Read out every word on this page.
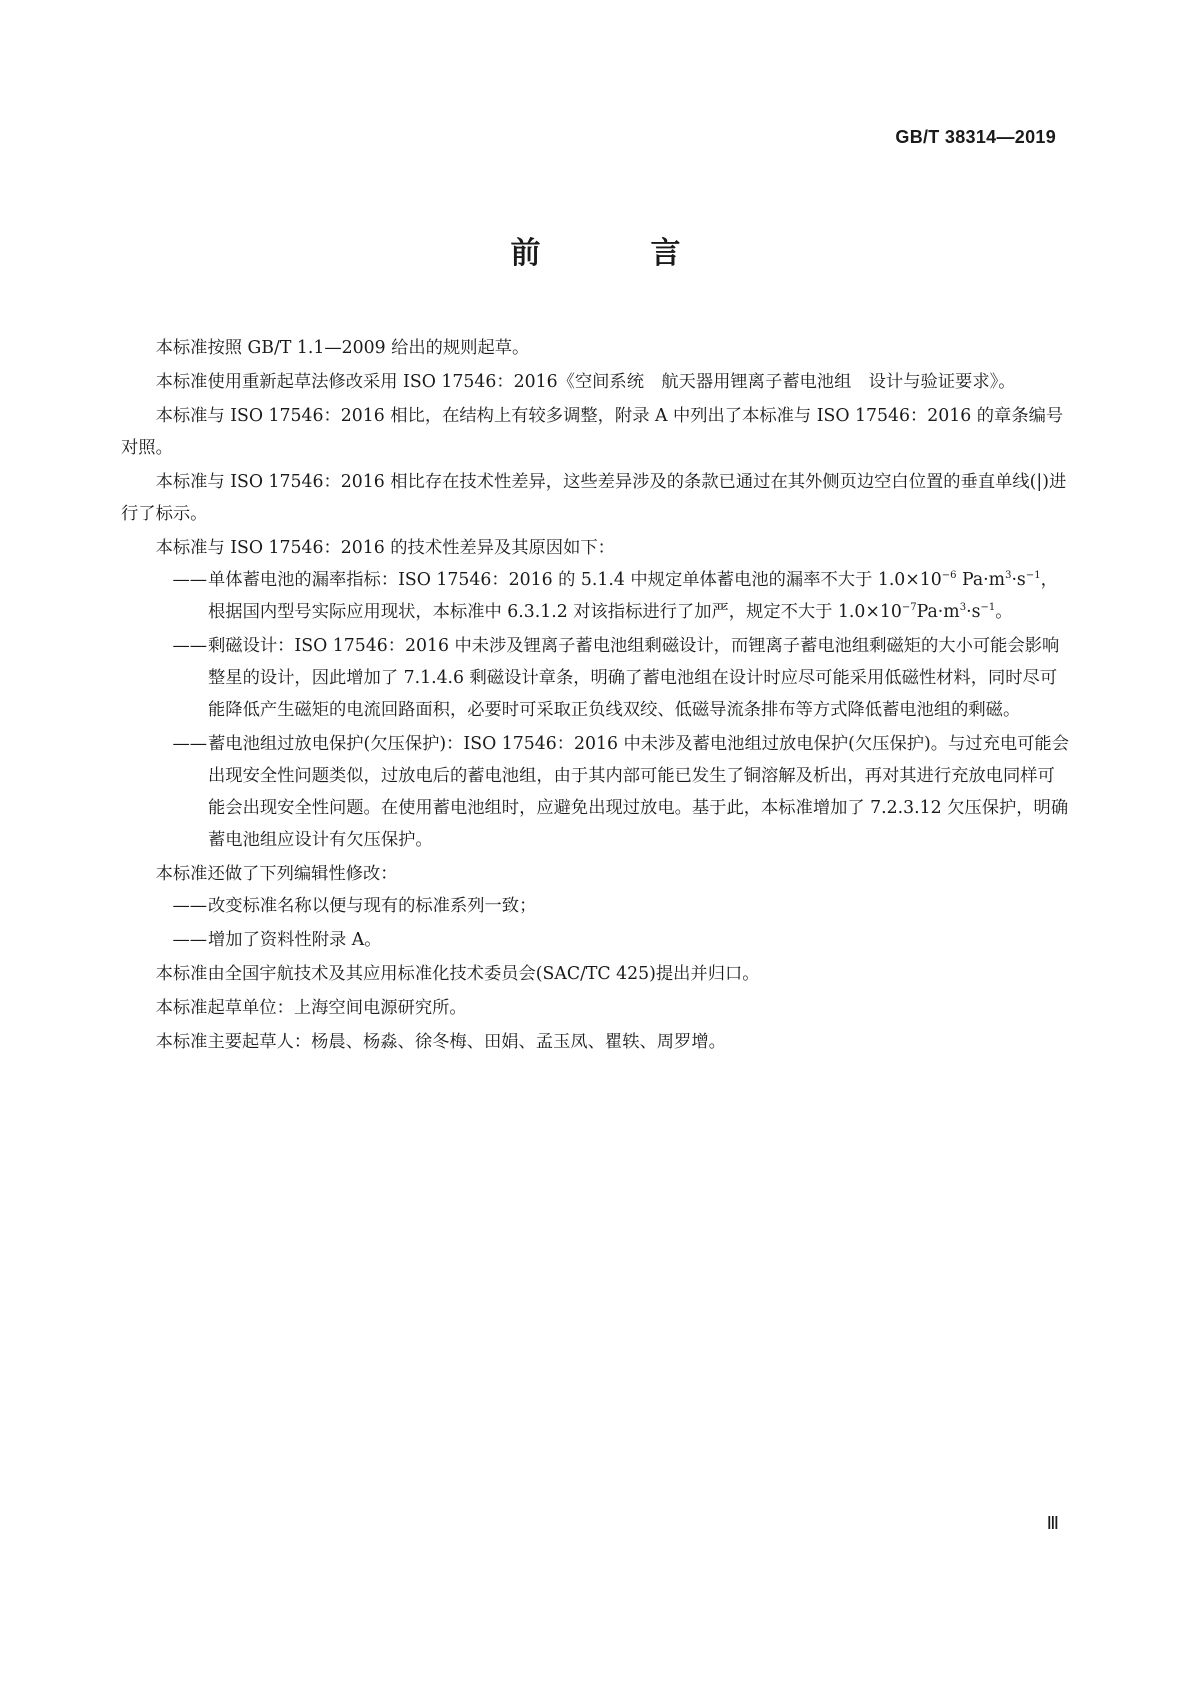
GB/T 38314—2019
前　言

本标准按照 GB/T 1.1—2009 给出的规则起草。

本标准使用重新起草法修改采用 ISO 17546：2016《空间系统　航天器用锂离子蓄电池组　设计与验证要求》。

本标准与 ISO 17546：2016 相比，在结构上有较多调整，附录 A 中列出了本标准与 ISO 17546：2016 的章条编号对照。

本标准与 ISO 17546：2016 相比存在技术性差异，这些差异涉及的条款已通过在其外侧页边空白位置的垂直单线(|)进行了标示。

本标准与 ISO 17546：2016 的技术性差异及其原因如下：

—— 单体蓄电池的漏率指标：ISO 17546：2016 的 5.1.4 中规定单体蓄电池的漏率不大于 $1.0\times 10^{-6}$ $Pa\cdot m^3\cdot s^{-1}$，根据国内型号实际应用现状，本标准中 6.3.1.2 对该指标进行了加严，规定不大于 $1.0\times 10^{-7}Pa\cdot m^3\cdot s^{-1}$。
—— 剩磁设计：ISO 17546：2016 中未涉及锂离子蓄电池组剩磁设计，而锂离子蓄电池组剩磁矩的大小可能会影响整星的设计，因此增加了 7.1.4.6 剩磁设计章条，明确了蓄电池组在设计时应尽可能采用低磁性材料，同时尽可能降低产生磁矩的电流回路面积，必要时可采取正负线双绞、低磁导流条排布等方式降低蓄电池组的剩磁。
—— 蓄电池组过放电保护(欠压保护)：ISO 17546：2016 中未涉及蓄电池组过放电保护(欠压保护)。与过充电可能会出现安全性问题类似，过放电后的蓄电池组，由于其内部可能已发生了铜溶解及析出，再对其进行充放电同样可能会出现安全性问题。在使用蓄电池组时，应避免出现过放电。基于此，本标准增加了 7.2.3.12 欠压保护，明确蓄电池组应设计有欠压保护。

本标准还做了下列编辑性修改：

—— 改变标准名称以便与现有的标准系列一致；
—— 增加了资料性附录 A。

本标准由全国宇航技术及其应用标准化技术委员会(SAC/TC 425)提出并归口。

本标准起草单位：上海空间电源研究所。

本标准主要起草人：杨晨、杨淼、徐冬梅、田娟、孟玉凤、瞿轶、周罗增。

Ⅲ
